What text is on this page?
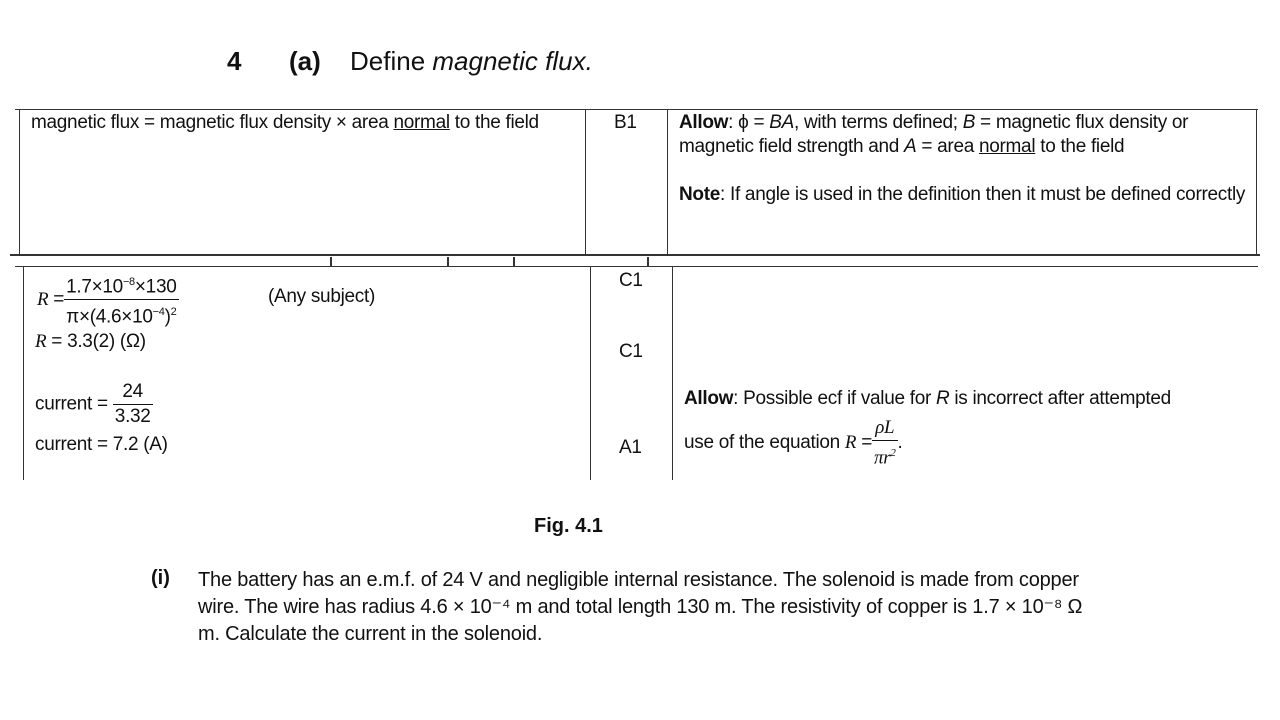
4 (a) Define magnetic flux.
magnetic flux = magnetic flux density × area normal to the field	B1 Allow: ϕ = BA, with terms defined; B = magnetic flux density or magnetic field strength and A = area normal to the field
Note: If angle is used in the definition then it must be defined correctly
$R = \frac{1.7\times 10^{-8}\times 130}{\pi\times(4.6\times 10^{-4})^2}$	(Any subject)
R = 3.3(2) (Ω)
current = $\frac{24}{3.32}$
current = 7.2 (A)
C1
C1
A1
Allow: Possible ecf if value for R is incorrect after attempted
use of the equation $R = \frac{\rho L}{\pi r^2}$ .
Fig. 4.1
(i) The battery has an e.m.f. of 24 V and negligible internal resistance. The solenoid is made from copper wire. The wire has radius 4.6 × 10⁻⁴ m and total length 130 m. The resistivity of copper is 1.7 × 10⁻⁸ Ω m. Calculate the current in the solenoid.
